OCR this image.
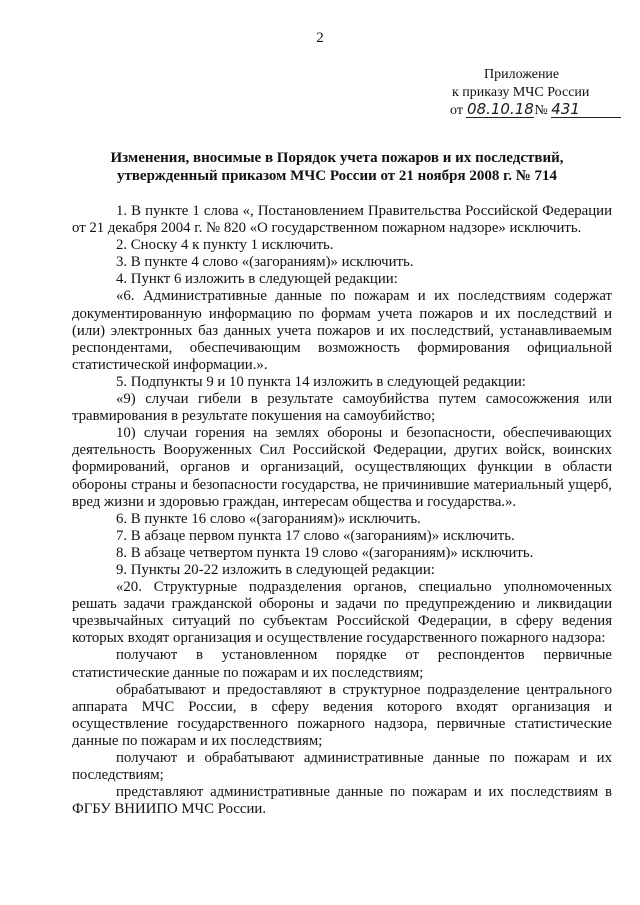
2
Приложение
к приказу МЧС России
от 08.10.18№ 431
Изменения, вносимые в Порядок учета пожаров и их последствий,
утвержденный приказом МЧС России от 21 ноября 2008 г. № 714

1. В пункте 1 слова «, Постановлением Правительства Российской Федерации от 21 декабря 2004 г. № 820 «О государственном пожарном надзоре» исключить.

2. Сноску 4 к пункту 1 исключить.

3. В пункте 4 слово «(загораниям)» исключить.

4. Пункт 6 изложить в следующей редакции:

«6. Административные данные по пожарам и их последствиям содержат документированную информацию по формам учета пожаров и их последствий и (или) электронных баз данных учета пожаров и их последствий, устанавливаемым респондентами, обеспечивающим возможность формирования официальной статистической информации.».

5. Подпункты 9 и 10 пункта 14 изложить в следующей редакции:

«9) случаи гибели в результате самоубийства путем самосожжения или травмирования в результате покушения на самоубийство;

10) случаи горения на землях обороны и безопасности, обеспечивающих деятельность Вооруженных Сил Российской Федерации, других войск, воинских формирований, органов и организаций, осуществляющих функции в области обороны страны и безопасности государства, не причинившие материальный ущерб, вред жизни и здоровью граждан, интересам общества и государства.».

6. В пункте 16 слово «(загораниям)» исключить.

7. В абзаце первом пункта 17 слово «(загораниям)» исключить.

8. В абзаце четвертом пункта 19 слово «(загораниям)» исключить.

9. Пункты 20-22 изложить в следующей редакции:

«20. Структурные подразделения органов, специально уполномоченных решать задачи гражданской обороны и задачи по предупреждению и ликвидации чрезвычайных ситуаций по субъектам Российской Федерации, в сферу ведения которых входят организация и осуществление государственного пожарного надзора:

получают в установленном порядке от респондентов первичные статистические данные по пожарам и их последствиям;

обрабатывают и предоставляют в структурное подразделение центрального аппарата МЧС России, в сферу ведения которого входят организация и осуществление государственного пожарного надзора, первичные статистические данные по пожарам и их последствиям;

получают и обрабатывают административные данные по пожарам и их последствиям;

представляют административные данные по пожарам и их последствиям в ФГБУ ВНИИПО МЧС России.
